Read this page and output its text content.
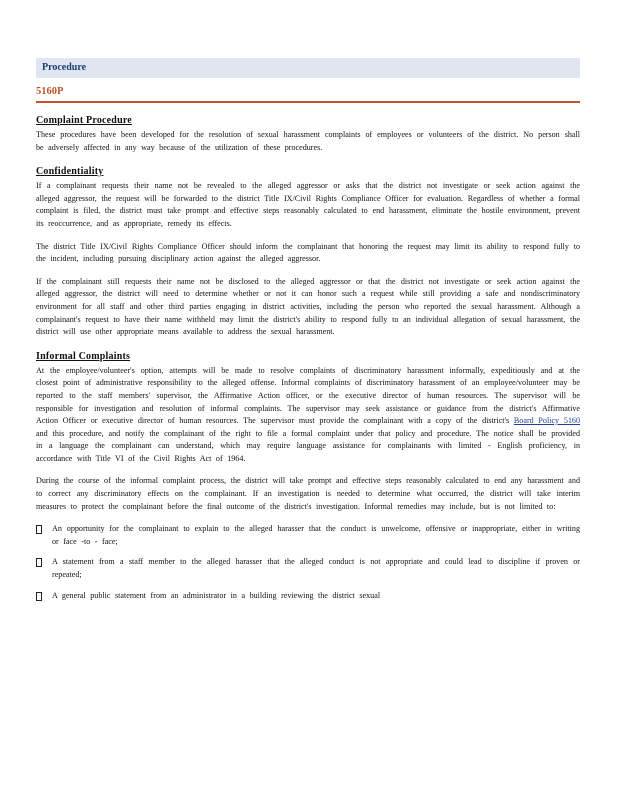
Procedure
5160P
Complaint Procedure

These procedures have been developed for the resolution of sexual harassment complaints of employees or volunteers of the district. No person shall be adversely affected in any way because of the utilization of these procedures.

Confidentiality

If a complainant requests their name not be revealed to the alleged aggressor or asks that the district not investigate or seek action against the alleged aggressor, the request will be forwarded to the district Title IX/Civil Rights Compliance Officer for evaluation. Regardless of whether a formal complaint is filed, the district must take prompt and effective steps reasonably calculated to end harassment, eliminate the hostile environment, prevent its reoccurrence, and as appropriate, remedy its effects.

The district Title IX/Civil Rights Compliance Officer should inform the complainant that honoring the request may limit its ability to respond fully to the incident, including pursuing disciplinary action against the alleged aggressor.

If the complainant still requests their name not be disclosed to the alleged aggressor or that the district not investigate or seek action against the alleged aggressor, the district will need to determine whether or not it can honor such a request while still providing a safe and nondiscriminatory environment for all staff and other third parties engaging in district activities, including the person who reported the sexual harassment. Although a complainant's request to have their name withheld may limit the district's ability to respond fully to an individual allegation of sexual harassment, the district will use other appropriate means available to address the sexual harassment.

Informal Complaints

At the employee/volunteer's option, attempts will be made to resolve complaints of discriminatory harassment informally, expeditiously and at the closest point of administrative responsibility to the alleged offense. Informal complaints of discriminatory harassment of an employee/volunteer may be reported to the staff members' supervisor, the Affirmative Action officer, or the executive director of human resources. The supervisor will be responsible for investigation and resolution of informal complaints. The supervisor may seek assistance or guidance from the district's Affirmative Action Officer or executive director of human resources. The supervisor must provide the complainant with a copy of the district's Board Policy 5160 and this procedure, and notify the complainant of the right to file a formal complaint under that policy and procedure. The notice shall be provided in a language the complainant can understand, which may require language assistance for complainants with limited - English proficiency, in accordance with Title VI of the Civil Rights Act of 1964.

During the course of the informal complaint process, the district will take prompt and effective steps reasonably calculated to end any harassment and to correct any discriminatory effects on the complainant. If an investigation is needed to determine what occurred, the district will take interim measures to protect the complainant before the final outcome of the district's investigation. Informal remedies may include, but is not limited to:

An opportunity for the complainant to explain to the alleged harasser that the conduct is unwelcome, offensive or inappropriate, either in writing or face -to - face;
A statement from a staff member to the alleged harasser that the alleged conduct is not appropriate and could lead to discipline if proven or repeated;
A general public statement from an administrator in a building reviewing the district sexual
